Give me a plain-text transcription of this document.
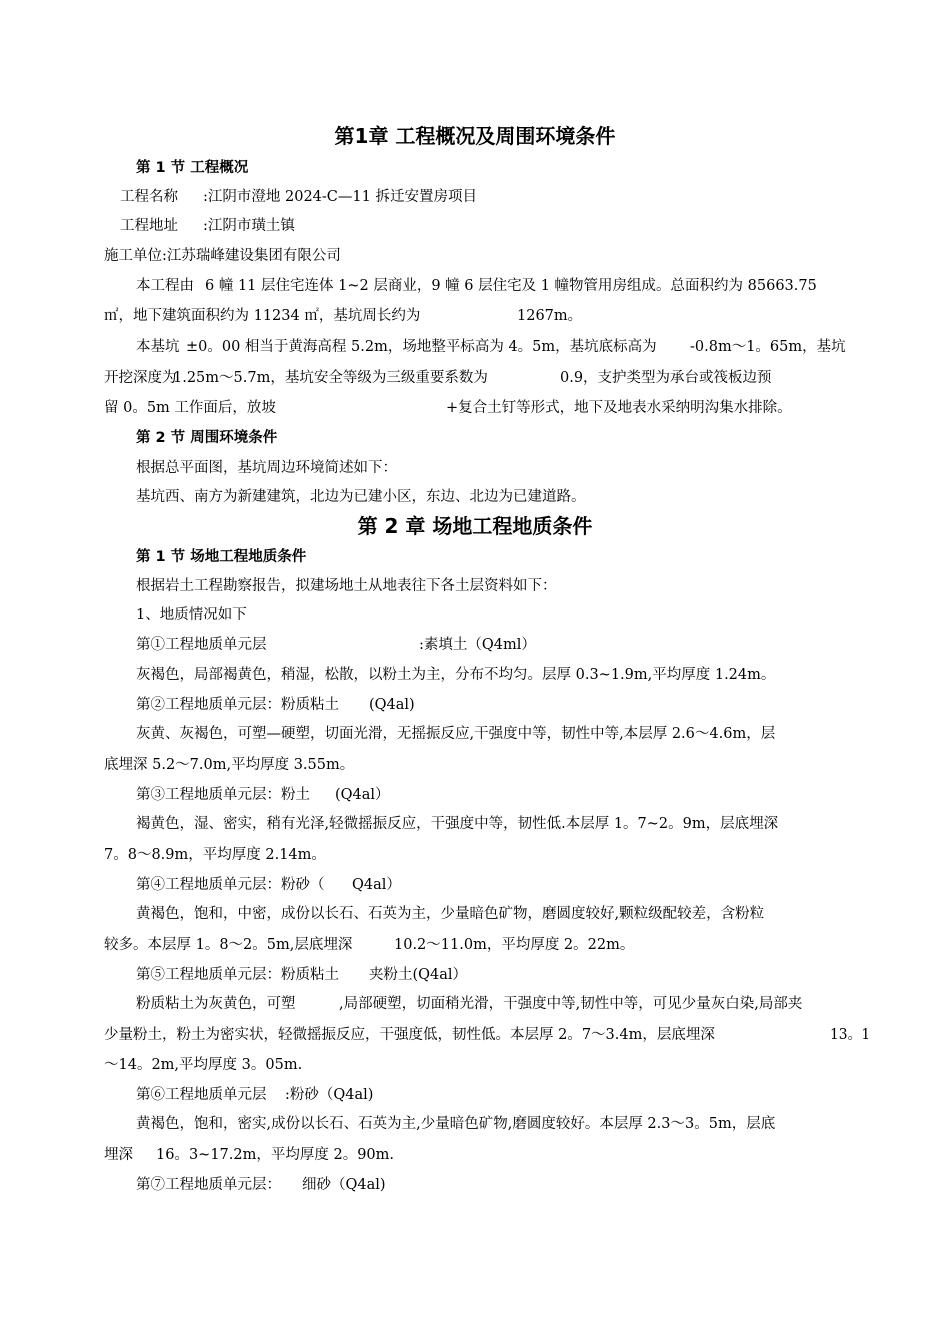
第1章 工程概况及周围环境条件
第 1 节 工程概况
工程名称 :江阴市澄地 2024-C—11 拆迁安置房项目
工程地址 :江阴市璜土镇
施工单位:江苏瑞峰建设集团有限公司
本工程由 6 幢 11 层住宅连体 1~2 层商业，9 幢 6 层住宅及 1 幢物管用房组成。总面积约为 85663.75
㎡，地下建筑面积约为 11234 ㎡，基坑周长约为	1267m。
本基坑 ±0。00 相当于黄海高程 5.2m，场地整平标高为 4。5m，基坑底标高为 -0.8m～1。65m，基坑
开挖深度为
1.25m～5.7m，基坑安全等级为三级重要系数为	0.9，支护类型为承台或筏板边预
留 0。5m 工作面后，放坡	+复合土钉等形式，地下及地表水采纳明沟集水排除。
第 2 节 周围环境条件
根据总平面图，基坑周边环境简述如下：
基坑西、南方为新建建筑，北边为已建小区，东边、北边为已建道路。
第 2 章 场地工程地质条件
第 1 节 场地工程地质条件
根据岩土工程勘察报告，拟建场地土从地表往下各土层资料如下：
1、地质情况如下
第①工程地质单元层	:素填土（Q4ml）
灰褐色，局部褐黄色，稍湿，松散，以粉土为主，分布不均匀。层厚 0.3~1.9m,平均厚度 1.24m。
第②工程地质单元层：粉质粘土 (Q4al)
灰黄、灰褐色，可塑—硬塑，切面光滑，无摇振反应,干强度中等，韧性中等,本层厚 2.6～4.6m，层
底埋深 5.2～7.0m,平均厚度 3.55m。
第③工程地质单元层：粉土 (Q4al）
褐黄色，湿、密实，稍有光泽,轻微摇振反应，干强度中等，韧性低.本层厚 1。7~2。9m，层底埋深
7。8～8.9m，平均厚度 2.14m。
第④工程地质单元层：粉砂（ Q4al）
黄褐色，饱和，中密，成份以长石、石英为主，少量暗色矿物，磨圆度较好,颗粒级配较差，含粉粒
较多。本层厚 1。8～2。5m,层底埋深	10.2～11.0m，平均厚度 2。22m。
第⑤工程地质单元层：粉质粘土 夹粉土(Q4al）
粉质粘土为灰黄色，可塑	,局部硬塑，切面稍光滑，干强度中等,韧性中等，可见少量灰白染,局部夹
少量粉土，粉土为密实状，轻微摇振反应，干强度低，韧性低。本层厚 2。7～3.4m，层底埋深	13。1
～14。2m,平均厚度 3。05m.
第⑥工程地质单元层 :粉砂（Q4al)
黄褐色，饱和，密实,成份以长石、石英为主,少量暗色矿物,磨圆度较好。本层厚 2.3～3。5m，层底
埋深 16。3~17.2m，平均厚度 2。90m.
第⑦工程地质单元层： 细砂（Q4al)
